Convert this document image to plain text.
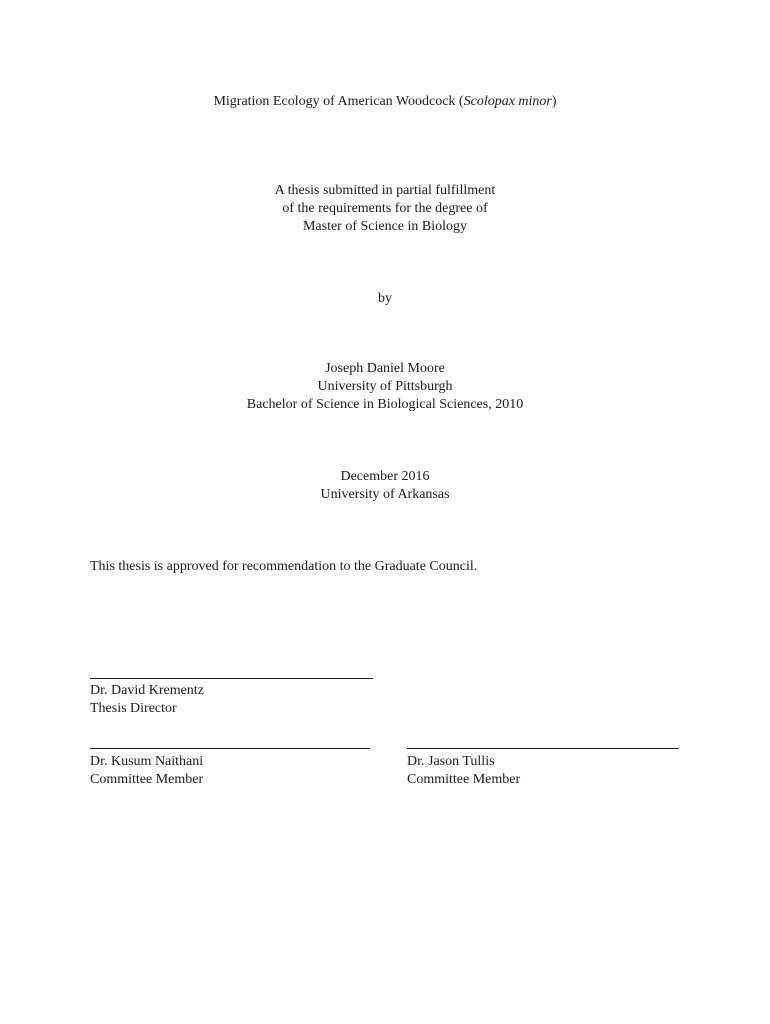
Migration Ecology of American Woodcock (Scolopax minor)
A thesis submitted in partial fulfillment
of the requirements for the degree of
Master of Science in Biology
by
Joseph Daniel Moore
University of Pittsburgh
Bachelor of Science in Biological Sciences, 2010
December 2016
University of Arkansas
This thesis is approved for recommendation to the Graduate Council.
Dr. David Krementz
Thesis Director
Dr. Kusum Naithani
Committee Member
Dr. Jason Tullis
Committee Member
